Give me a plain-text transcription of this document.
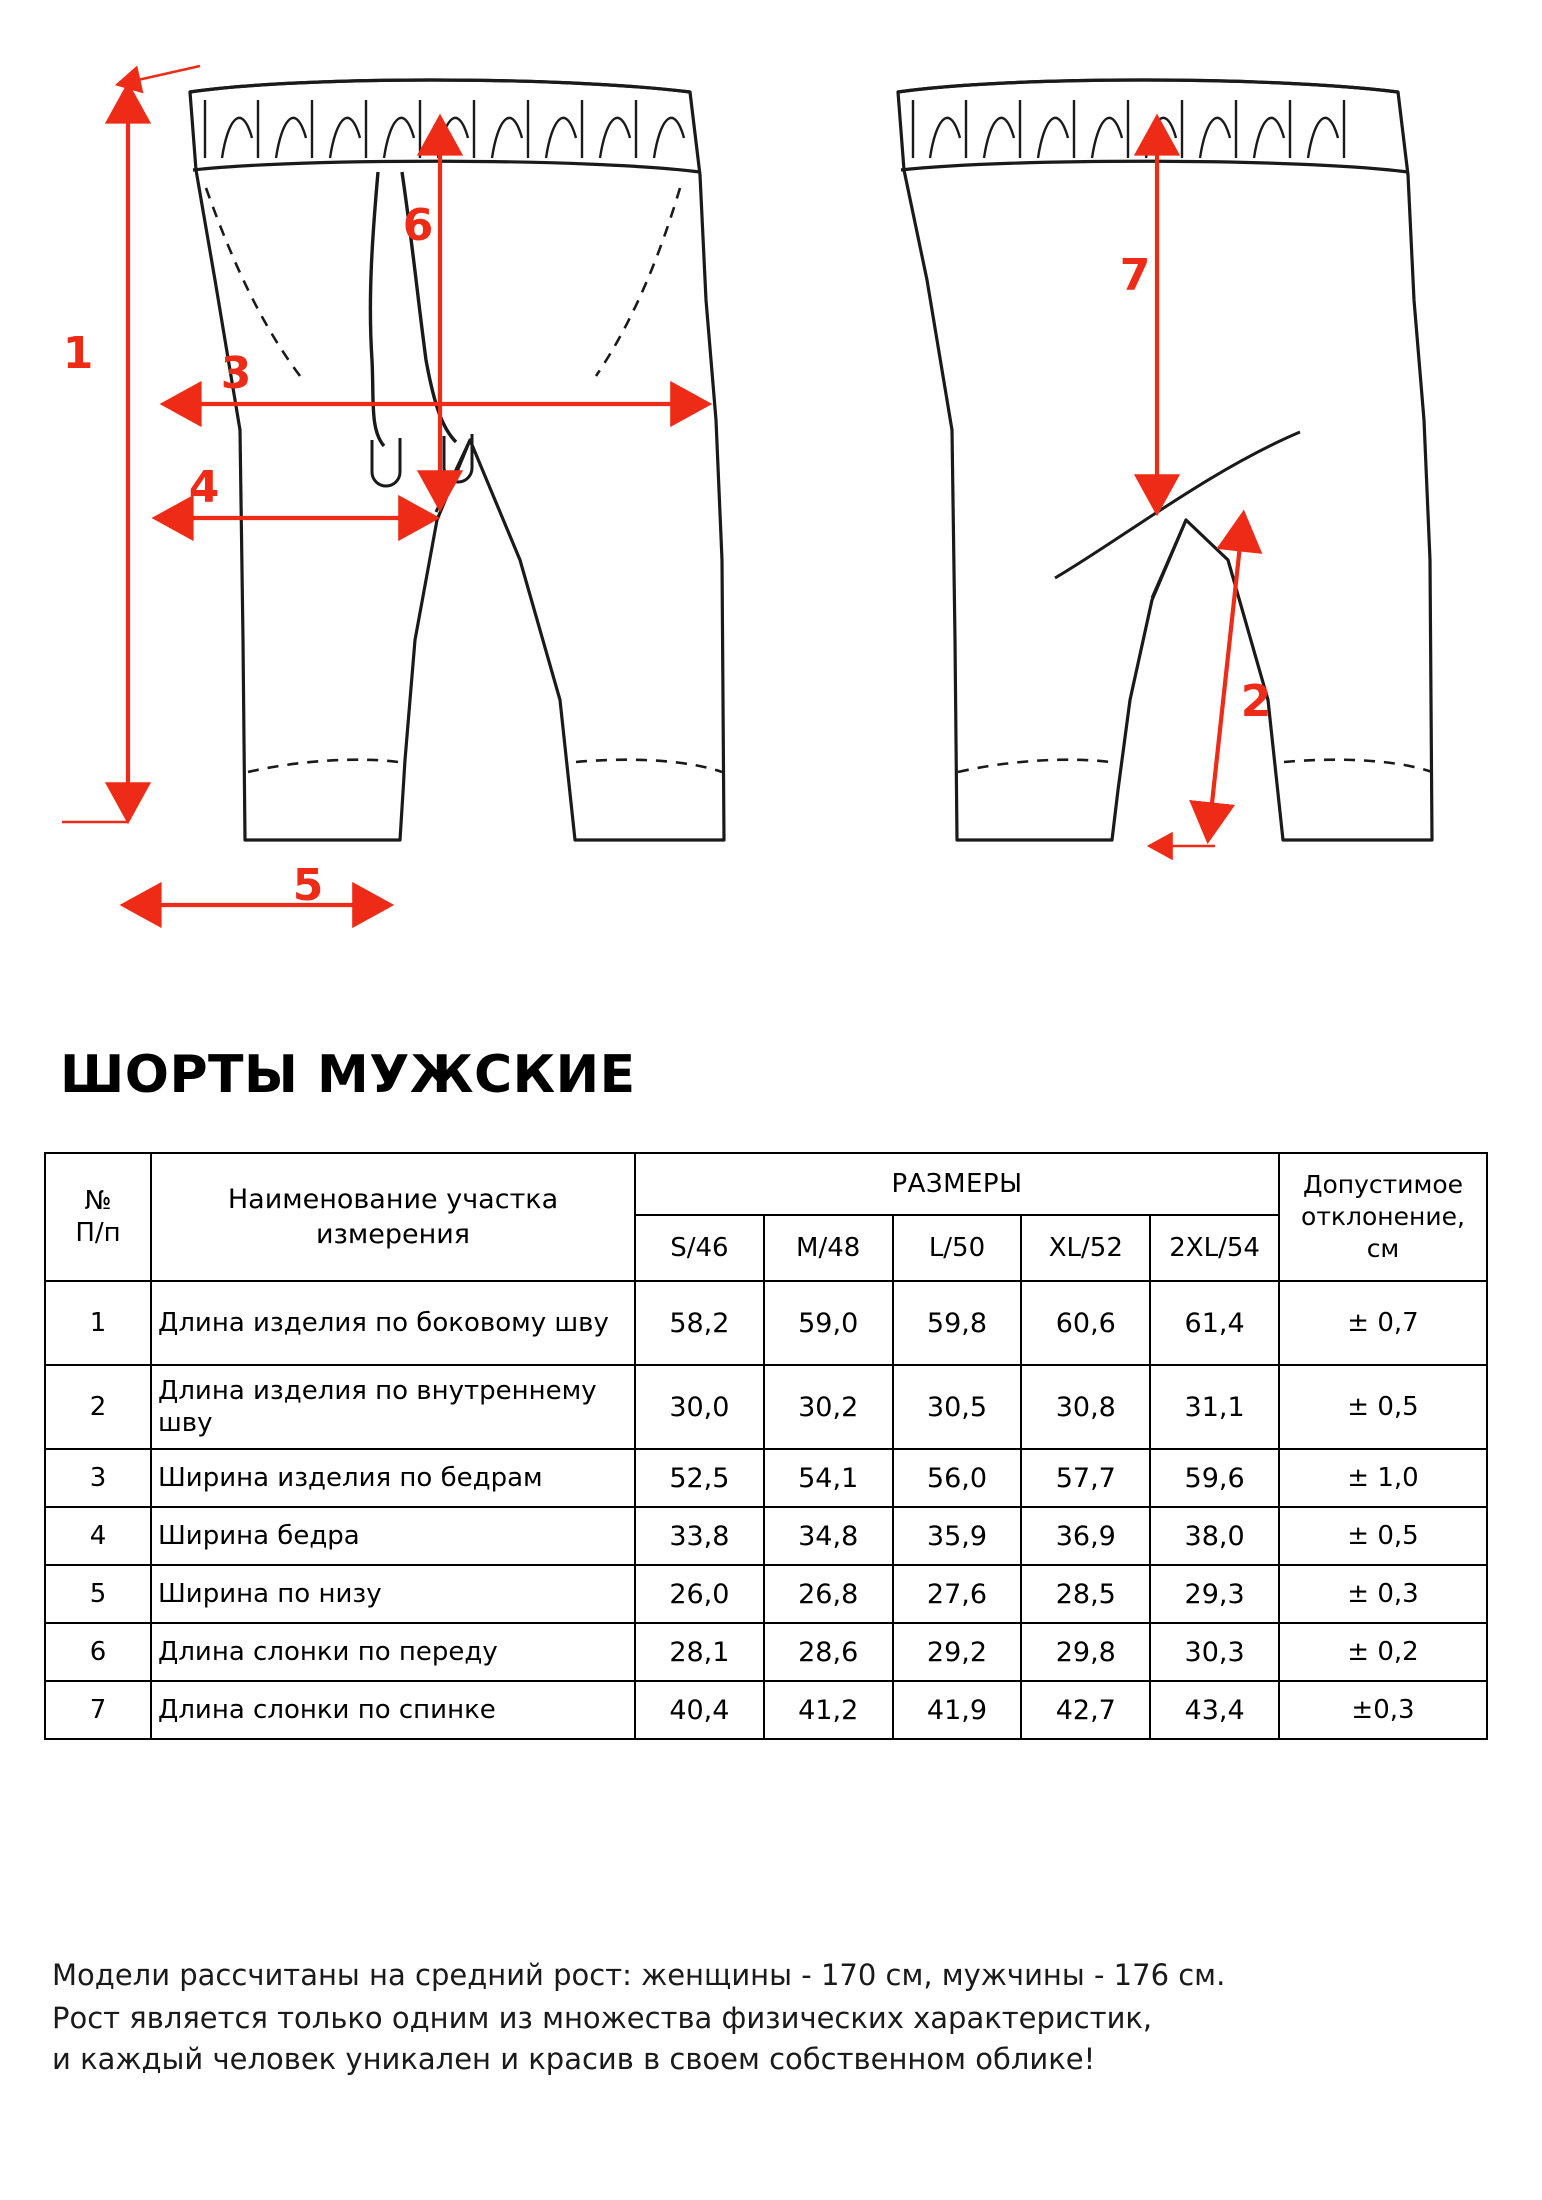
1
2
3
4
5
6
7
ШОРТЫ МУЖСКИЕ
№
П/п

Наименование участка
измерения
	РАЗМЕРЫ	Допустимое
отклонение,
см

		S/46	M/48	L/50	XL/52	2XL/54	
1	Длина изделия по боковому шву	58,2	59,0	59,8	60,6	61,4	± 0,7
2	Длина изделия по внутреннему шву	30,0	30,2	30,5	30,8	31,1	± 0,5
3	Ширина изделия по бедрам	52,5	54,1	56,0	57,7	59,6	± 1,0
4	Ширина бедра	33,8	34,8	35,9	36,9	38,0	± 0,5
5	Ширина по низу	26,0	26,8	27,6	28,5	29,3	± 0,3
6	Длина слонки по переду	28,1	28,6	29,2	29,8	30,3	± 0,2
7	Длина слонки по спинке	40,4	41,2	41,9	42,7	43,4	±0,3
Модели рассчитаны на средний рост: женщины - 170 см, мужчины - 176 см.
Рост является только одним из множества физических характеристик,
и каждый человек уникален и красив в своем собственном облике!
